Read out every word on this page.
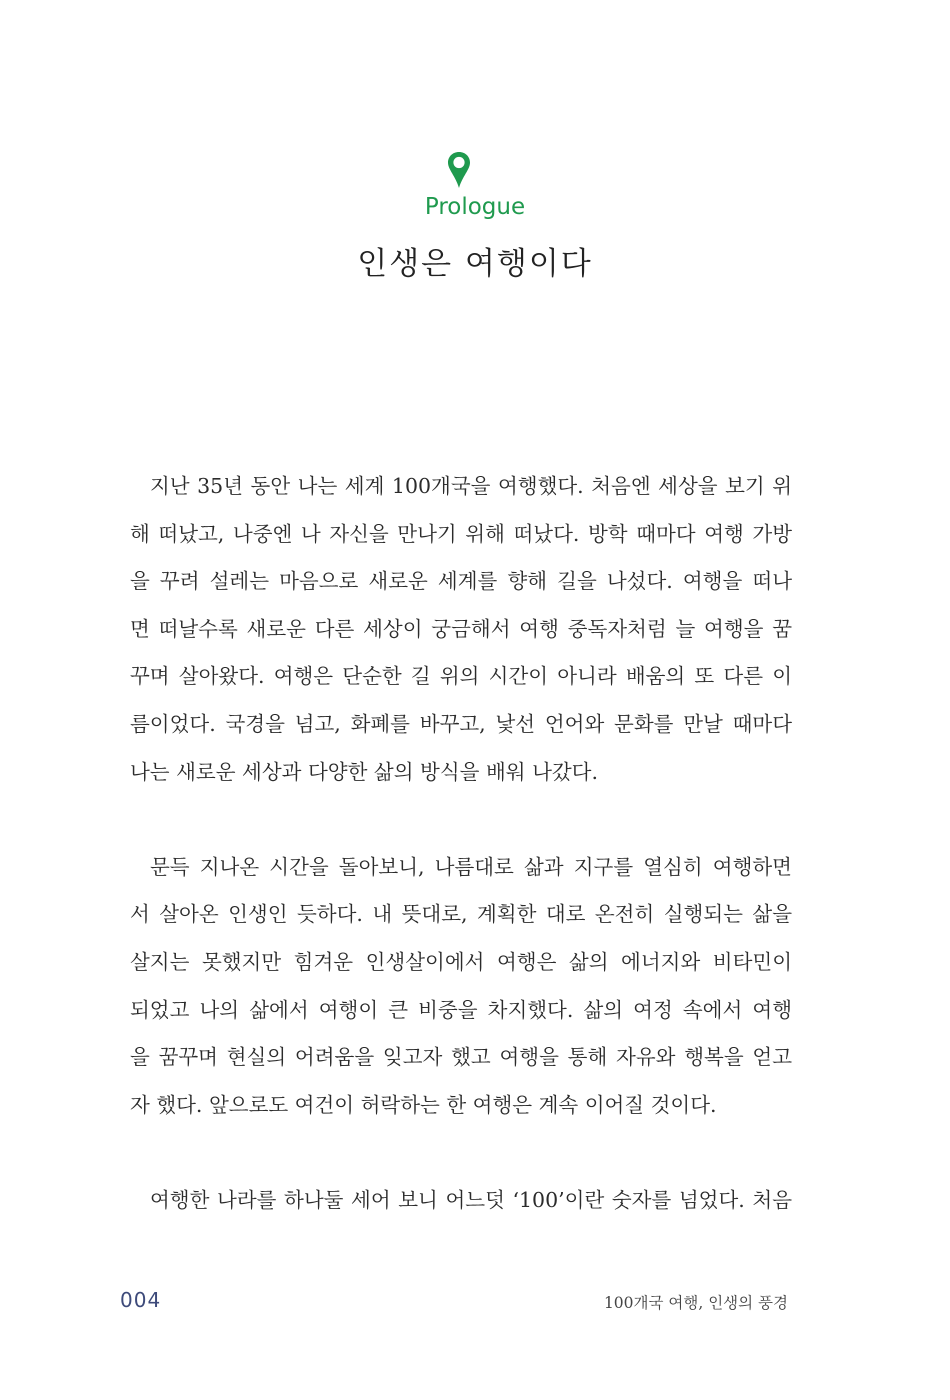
Prologue
인생은 여행이다
지난 35년 동안 나는 세계 100개국을 여행했다. 처음엔 세상을 보기 위
해 떠났고, 나중엔 나 자신을 만나기 위해 떠났다. 방학 때마다 여행 가방
을 꾸려 설레는 마음으로 새로운 세계를 향해 길을 나섰다. 여행을 떠나
면 떠날수록 새로운 다른 세상이 궁금해서 여행 중독자처럼 늘 여행을 꿈
꾸며 살아왔다. 여행은 단순한 길 위의 시간이 아니라 배움의 또 다른 이
름이었다. 국경을 넘고, 화폐를 바꾸고, 낯선 언어와 문화를 만날 때마다
나는 새로운 세상과 다양한 삶의 방식을 배워 나갔다.
문득 지나온 시간을 돌아보니, 나름대로 삶과 지구를 열심히 여행하면
서 살아온 인생인 듯하다. 내 뜻대로, 계획한 대로 온전히 실행되는 삶을
살지는 못했지만 힘겨운 인생살이에서 여행은 삶의 에너지와 비타민이
되었고 나의 삶에서 여행이 큰 비중을 차지했다. 삶의 여정 속에서 여행
을 꿈꾸며 현실의 어려움을 잊고자 했고 여행을 통해 자유와 행복을 얻고
자 했다. 앞으로도 여건이 허락하는 한 여행은 계속 이어질 것이다.
여행한 나라를 하나둘 세어 보니 어느덧 ‘100’이란 숫자를 넘었다. 처음
004	100개국 여행, 인생의 풍경
